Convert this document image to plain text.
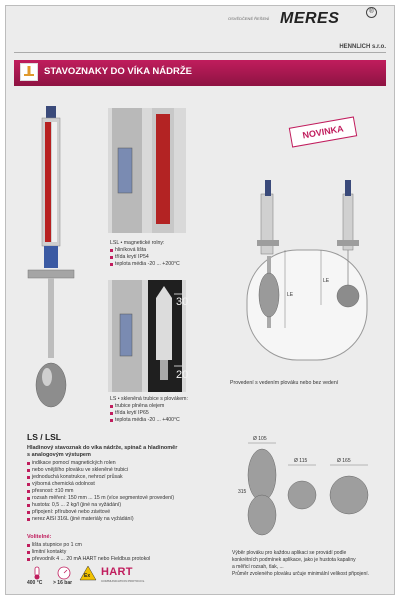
OSVĚDČENÉ ŘEŠENÍ MERES	®
HENNLICH s.r.o.
STAVOZNAKY DO VÍKA NÁDRŽE
NOVINKA
LSL • magnetické rolny:
hliníková lišta
třída krytí IP54
teplota média -20 ... +200°C
30
20
LS • skleněná trubice s plovákem:
trubice plněna olejem
třída krytí IP65
teplota média -20 ... +400°C
LE
LE
Provedení s vedením plováku nebo bez vedení
LS / LSL
Hladinový stavoznak do víka nádrže, spínač a hladinoměr
s analogovým výstupem
indikace pomocí magnetických rolen
nebo vnějšího plováku ve skleněné trubici
jednoduchá konstrukce, nehrozí průsak
výborná chemická odolnost
přesnost: ±10 mm
rozsah měření: 150 mm ... 15 m (více segmentové provedení)
hustota: 0,5 ... 2 kg/l (jiné na vyžádání)
připojení: přírubové nebo závitové
nerez AISI 316L (jiné materiály na vyžádání)
Volitelné:
lišta stupnice po 1 cm
limitní kontakty
převodník 4 ... 20 mA HART nebo Fieldbus protokol
400 °C > 16 bar
Ex HART
COMMUNICATION PROTOCOL
Ø 105
315
Ø 115	Ø 165
Výběr plováku pro každou aplikaci se provádí podle
konkrétních podmínek aplikace, jako je hustota kapaliny
a měřicí rozsah, tlak, ...
Průměr zvoleného plováku určuje minimální velikost připojení.
